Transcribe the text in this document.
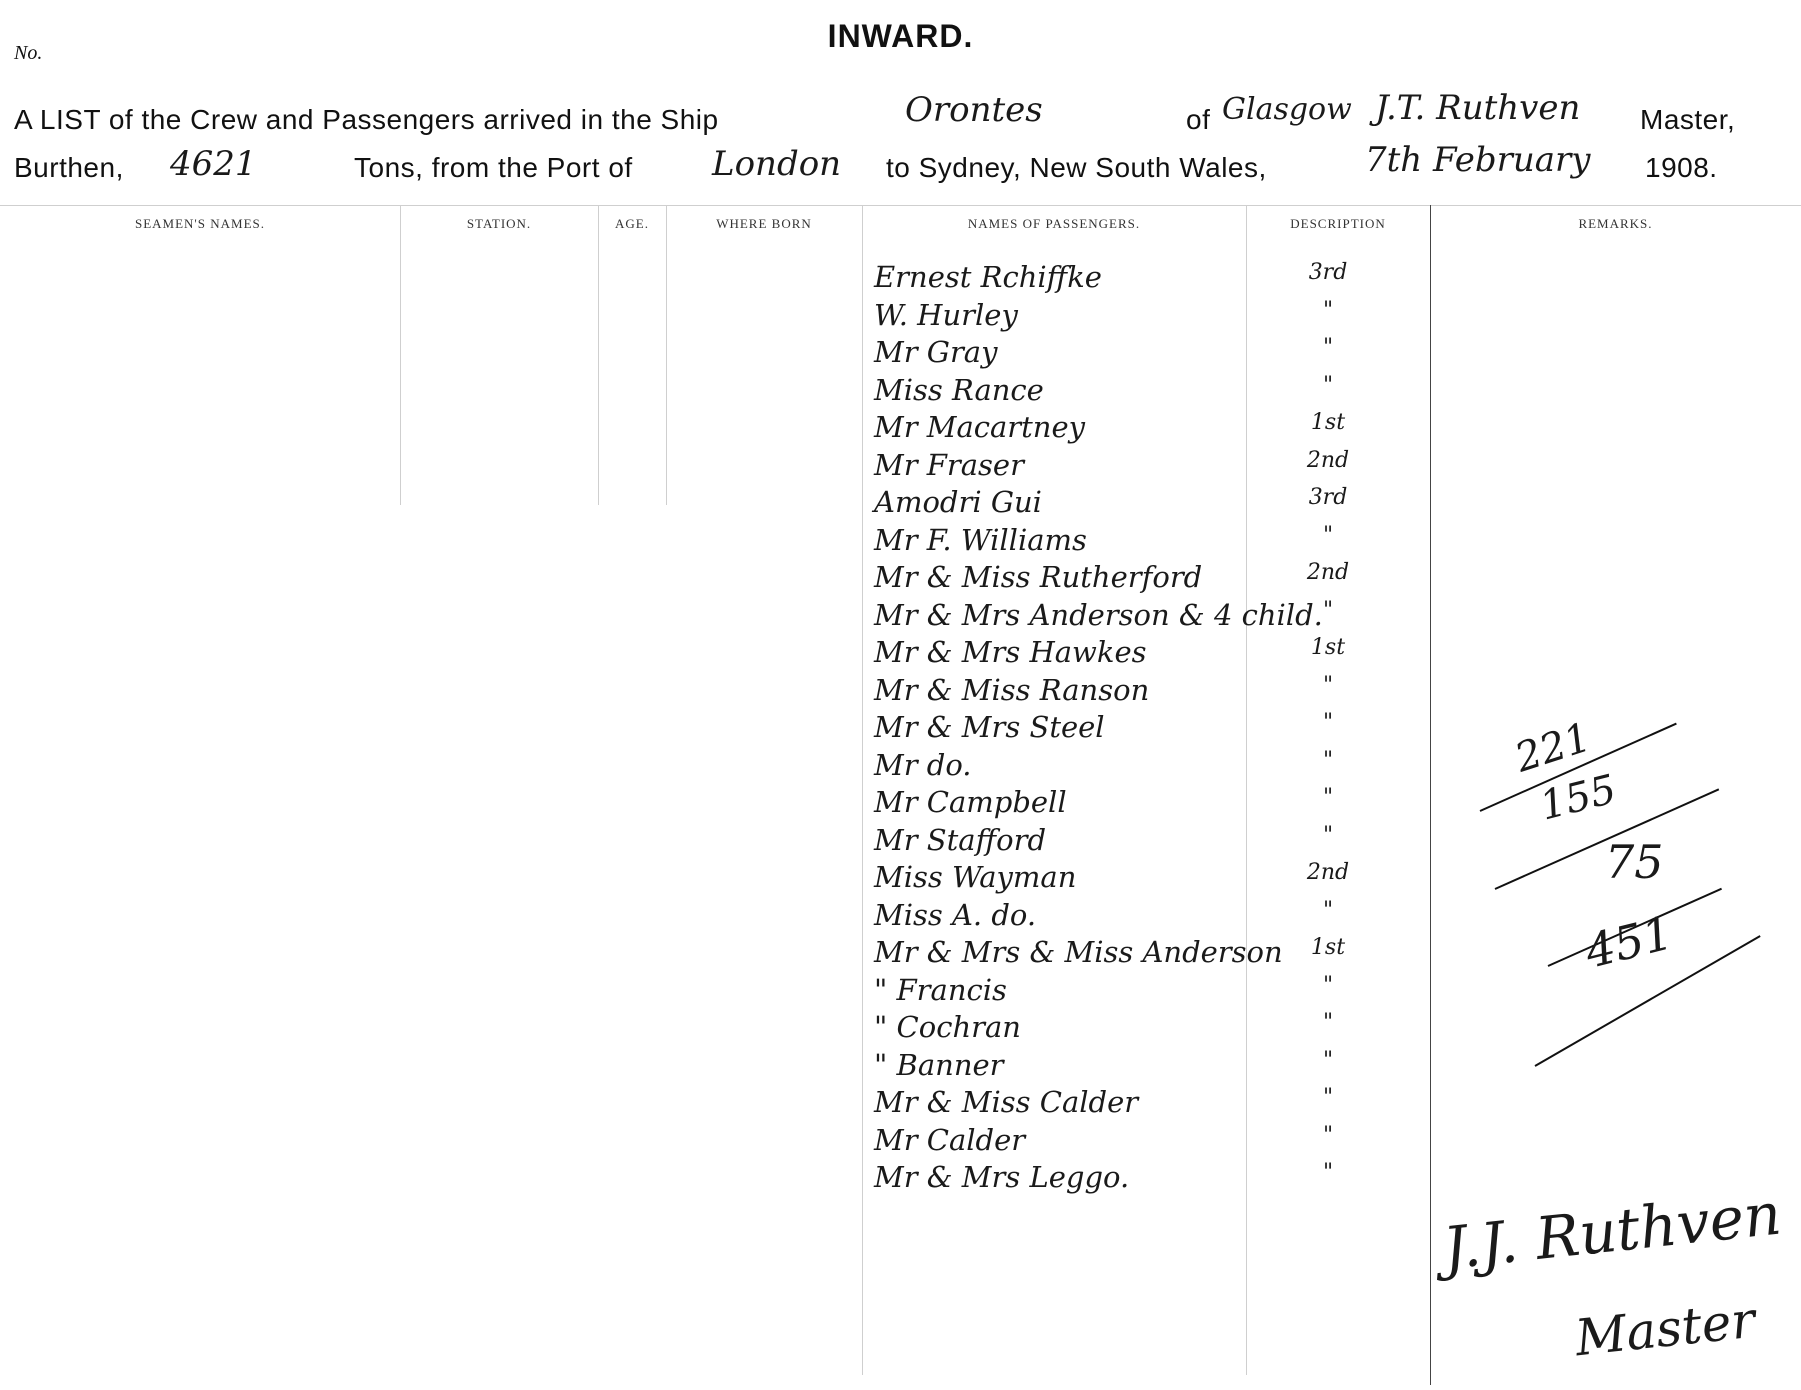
No.	INWARD.
A LIST of the Crew and Passengers arrived in the Ship	Orontes	of Glasgow J.T. Ruthven Master,
Burthen, 4621	Tons, from the Port of London to Sydney, New South Wales,	7th February 1908.
SEAMEN'S NAMES.	STATION.	AGE.	WHERE BORN	NAMES OF PASSENGERS.	DESCRIPTION	REMARKS.
Ernest Rchiffke	3rd
W. Hurley	"
Mr Gray	"
Miss Rance	"
Mr Macartney	1st
Mr Fraser	2nd
Amodri Gui	3rd
Mr F. Williams	"
Mr & Miss Rutherford	2nd
Mr & Mrs Anderson & 4 child. "
Mr & Mrs Hawkes	1st
Mr & Miss Ranson	"
Mr & Mrs Steel	"
Mr do.	"
Mr Campbell	"
Mr Stafford	"
Miss Wayman	2nd
Miss A. do.	"
Mr & Mrs & Miss Anderson	1st
" Francis	"
" Cochran	"
" Banner	"
Mr & Miss Calder	"
Mr Calder	"
Mr & Mrs Leggo.	"
221
155
75
451
J.J. Ruthven
Master
